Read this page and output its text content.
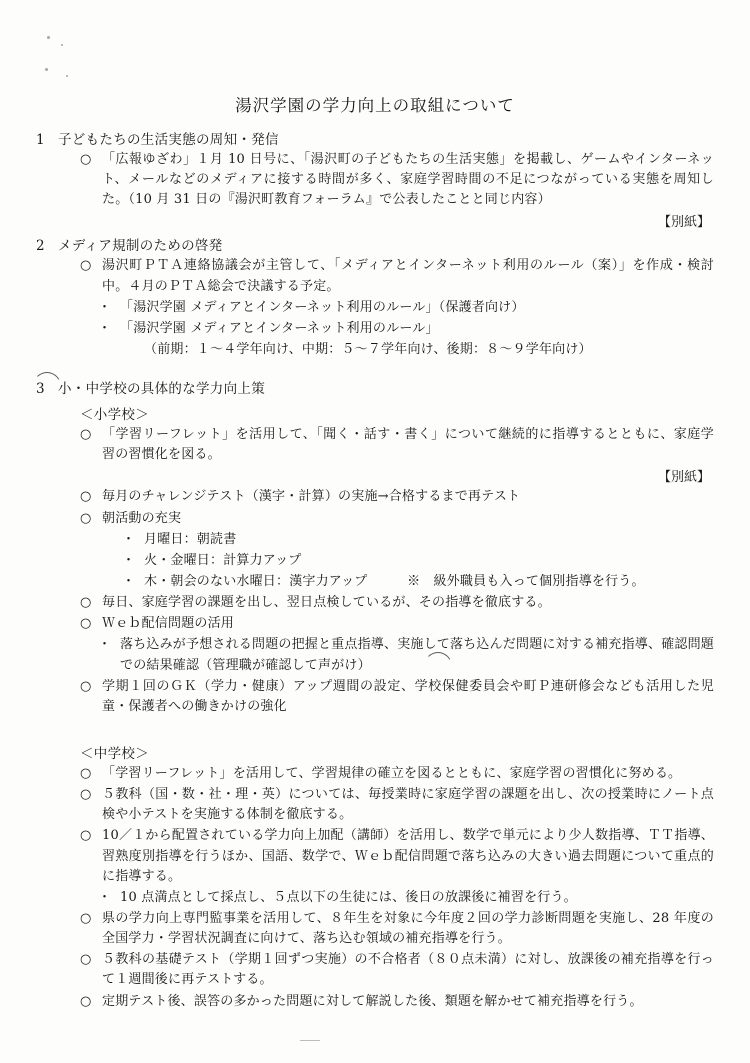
湯沢学園の学力向上の取組について
1 子どもたちの生活実態の周知・発信
○ 「広報ゆざわ」１月 10 日号に、「湯沢町の子どもたちの生活実態」を掲載し、ゲームやインターネット、メールなどのメディアに接する時間が多く、家庭学習時間の不足につながっている実態を周知した。（10 月 31 日の『湯沢町教育フォーラム』で公表したことと同じ内容）
【別紙】
2 メディア規制のための啓発
○ 湯沢町ＰＴＡ連絡協議会が主管して、「メディアとインターネット利用のルール（案）」を作成・検討中。４月のＰＴＡ総会で決議する予定。
・ 「湯沢学園 メディアとインターネット利用のルール」（保護者向け）
・ 「湯沢学園 メディアとインターネット利用のルール」
（前期：１～４学年向け、中期：５～７学年向け、後期：８～９学年向け）
3 小・中学校の具体的な学力向上策
＜小学校＞
○ 「学習リーフレット」を活用して、「聞く・話す・書く」について継続的に指導するとともに、家庭学習の習慣化を図る。
【別紙】
○ 毎月のチャレンジテスト（漢字・計算）の実施→合格するまで再テスト
○ 朝活動の充実
・ 月曜日：朝読書
・ 火・金曜日：計算力アップ
・ 木・朝会のない水曜日：漢字力アップ　　　※　級外職員も入って個別指導を行う。
○ 毎日、家庭学習の課題を出し、翌日点検しているが、その指導を徹底する。
○ Ｗｅｂ配信問題の活用
・ 落ち込みが予想される問題の把握と重点指導、実施して落ち込んだ問題に対する補充指導、確認問題での結果確認（管理職が確認して声がけ）
○ 学期１回のＧＫ（学力・健康）アップ週間の設定、学校保健委員会や町Ｐ連研修会なども活用した児童・保護者への働きかけの強化
＜中学校＞
○ 「学習リーフレット」を活用して、学習規律の確立を図るとともに、家庭学習の習慣化に努める。
○ ５教科（国・数・社・理・英）については、毎授業時に家庭学習の課題を出し、次の授業時にノート点検や小テストを実施する体制を徹底する。
○ 10／１から配置されている学力向上加配（講師）を活用し、数学で単元により少人数指導、ＴＴ指導、習熟度別指導を行うほか、国語、数学で、Ｗｅｂ配信問題で落ち込みの大きい過去問題について重点的に指導する。
・ 10 点満点として採点し、５点以下の生徒には、後日の放課後に補習を行う。
○ 県の学力向上専門監事業を活用して、８年生を対象に今年度２回の学力診断問題を実施し、28 年度の全国学力・学習状況調査に向けて、落ち込む領域の補充指導を行う。
○ ５教科の基礎テスト（学期１回ずつ実施）の不合格者（８０点未満）に対し、放課後の補充指導を行って１週間後に再テストする。
○ 定期テスト後、誤答の多かった問題に対して解説した後、類題を解かせて補充指導を行う。
